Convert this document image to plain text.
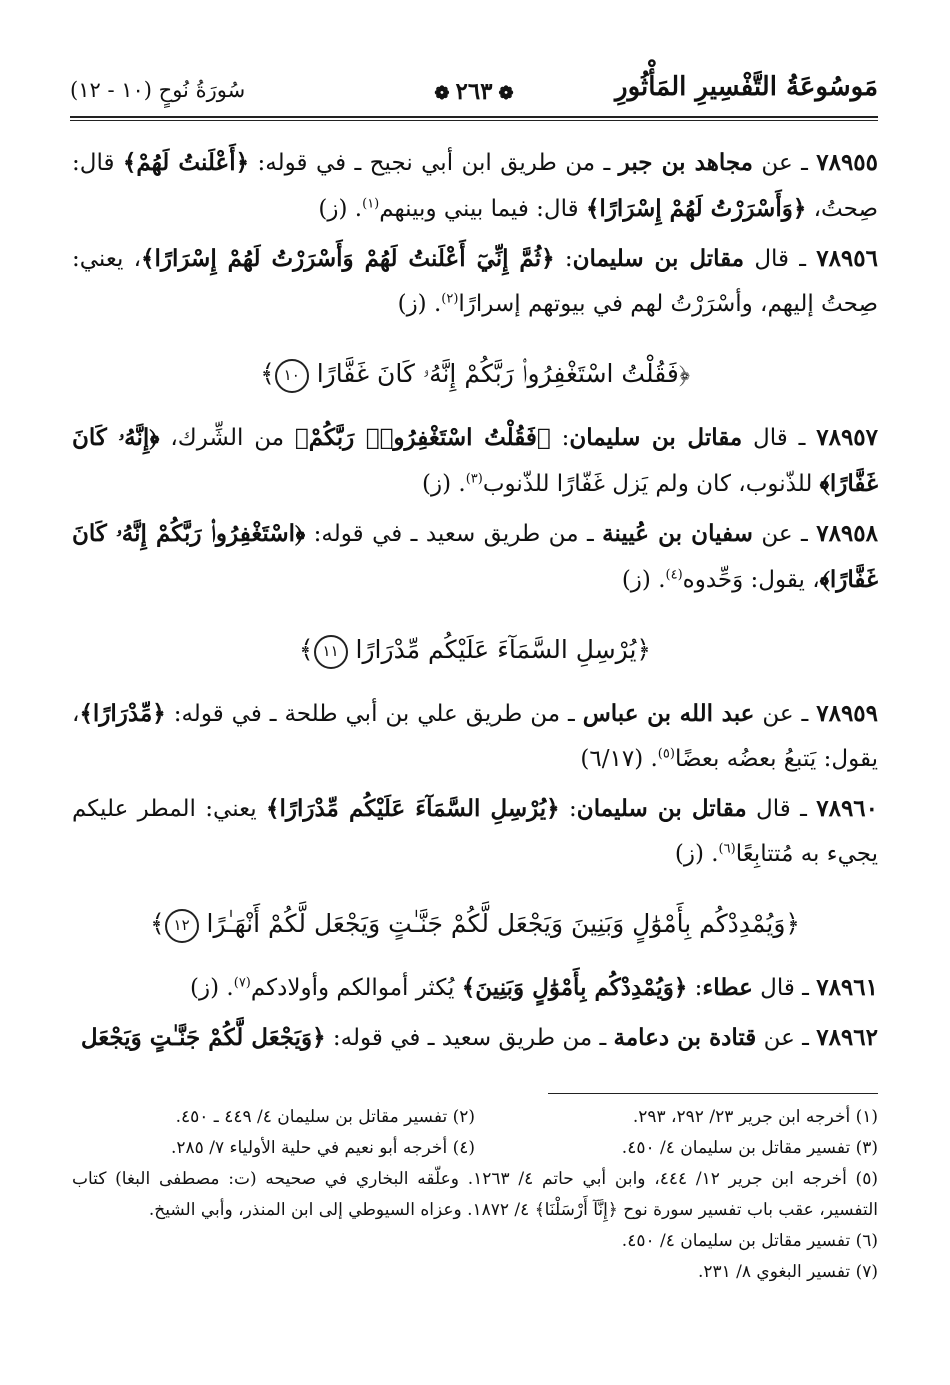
مَوسُوعَةُ التَّفْسِيرِ المَأْثُورِ
❁٢٦٣❁
سُورَةُ نُوحٍ (١٠ - ١٢)

٧٨٩٥٥ ـ عن مجاهد بن جبر ـ من طريق ابن أبي نجيح ـ في قوله: ﴿أَعْلَنتُ لَهُمْ﴾ قال: صِحتُ، ﴿وَأَسْرَرْتُ لَهُمْ إِسْرَارًا﴾ قال: فيما بيني وبينهم$^{(١)}$. (ز)

٧٨٩٥٦ ـ قال مقاتل بن سليمان: ﴿ثُمَّ إِنِّيٓ أَعْلَنتُ لَهُمْ وَأَسْرَرْتُ لَهُمْ إِسْرَارًا﴾، يعني: صِحتُ إليهم، وأسْرَرْتُ لهم في بيوتهم إسرارًا$^{(٢)}$. (ز)

﴿فَقُلْتُ اسْتَغْفِرُوا۟ رَبَّكُمْ إِنَّهُۥ كَانَ غَفَّارًا ١٠﴾

٧٨٩٥٧ ـ قال مقاتل بن سليمان: ﴿فَقُلْتُ اسْتَغْفِرُوا۟ رَبَّكُمْ﴾ من الشِّرك، ﴿إِنَّهُۥ كَانَ غَفَّارًا﴾ للذّنوب، كان ولم يَزل غَفّارًا للذّنوب$^{(٣)}$. (ز)

٧٨٩٥٨ ـ عن سفيان بن عُيينة ـ من طريق سعيد ـ في قوله: ﴿اسْتَغْفِرُوا۟ رَبَّكُمْ إِنَّهُۥ كَانَ غَفَّارًا﴾، يقول: وَحِّدوه$^{(٤)}$. (ز)

﴿يُرْسِلِ السَّمَآءَ عَلَيْكُم مِّدْرَارًا ١١﴾

٧٨٩٥٩ ـ عن عبد الله بن عباس ـ من طريق علي بن أبي طلحة ـ في قوله: ﴿مِّدْرَارًا﴾، يقول: يَتبعُ بعضُه بعضًا$^{(٥)}$. (٦/١٧)

٧٨٩٦٠ ـ قال مقاتل بن سليمان: ﴿يُرْسِلِ السَّمَآءَ عَلَيْكُم مِّدْرَارًا﴾ يعني: المطر عليكم يجيء به مُتتابِعًا$^{(٦)}$. (ز)

﴿وَيُمْدِدْكُم بِأَمْوَٰلٍ وَبَنِينَ وَيَجْعَل لَّكُمْ جَنَّـٰتٍ وَيَجْعَل لَّكُمْ أَنْهَـٰرًا ١٢﴾

٧٨٩٦١ ـ قال عطاء: ﴿وَيُمْدِدْكُم بِأَمْوَٰلٍ وَبَنِينَ﴾ يُكثر أموالكم وأولادكم$^{(٧)}$. (ز)

٧٨٩٦٢ ـ عن قتادة بن دعامة ـ من طريق سعيد ـ في قوله: ﴿وَيَجْعَل لَّكُمْ جَنَّـٰتٍ وَيَجْعَل

(١) أخرجه ابن جرير ٢٣/ ٢٩٢، ٢٩٣.
(٢) تفسير مقاتل بن سليمان ٤/ ٤٤٩ ـ ٤٥٠.
(٣) تفسير مقاتل بن سليمان ٤/ ٤٥٠.
(٤) أخرجه أبو نعيم في حلية الأولياء ٧/ ٢٨٥.
(٥) أخرجه ابن جرير ١٢/ ٤٤٤، وابن أبي حاتم ٤/ ١٢٦٣. وعلّقه البخاري في صحيحه (ت: مصطفى البغا) كتاب التفسير، عقب باب تفسير سورة نوح ﴿إِنَّآ أَرْسَلْنَا﴾ ٤/ ١٨٧٢. وعزاه السيوطي إلى ابن المنذر، وأبي الشيخ.
(٦) تفسير مقاتل بن سليمان ٤/ ٤٥٠.
(٧) تفسير البغوي ٨/ ٢٣١.
